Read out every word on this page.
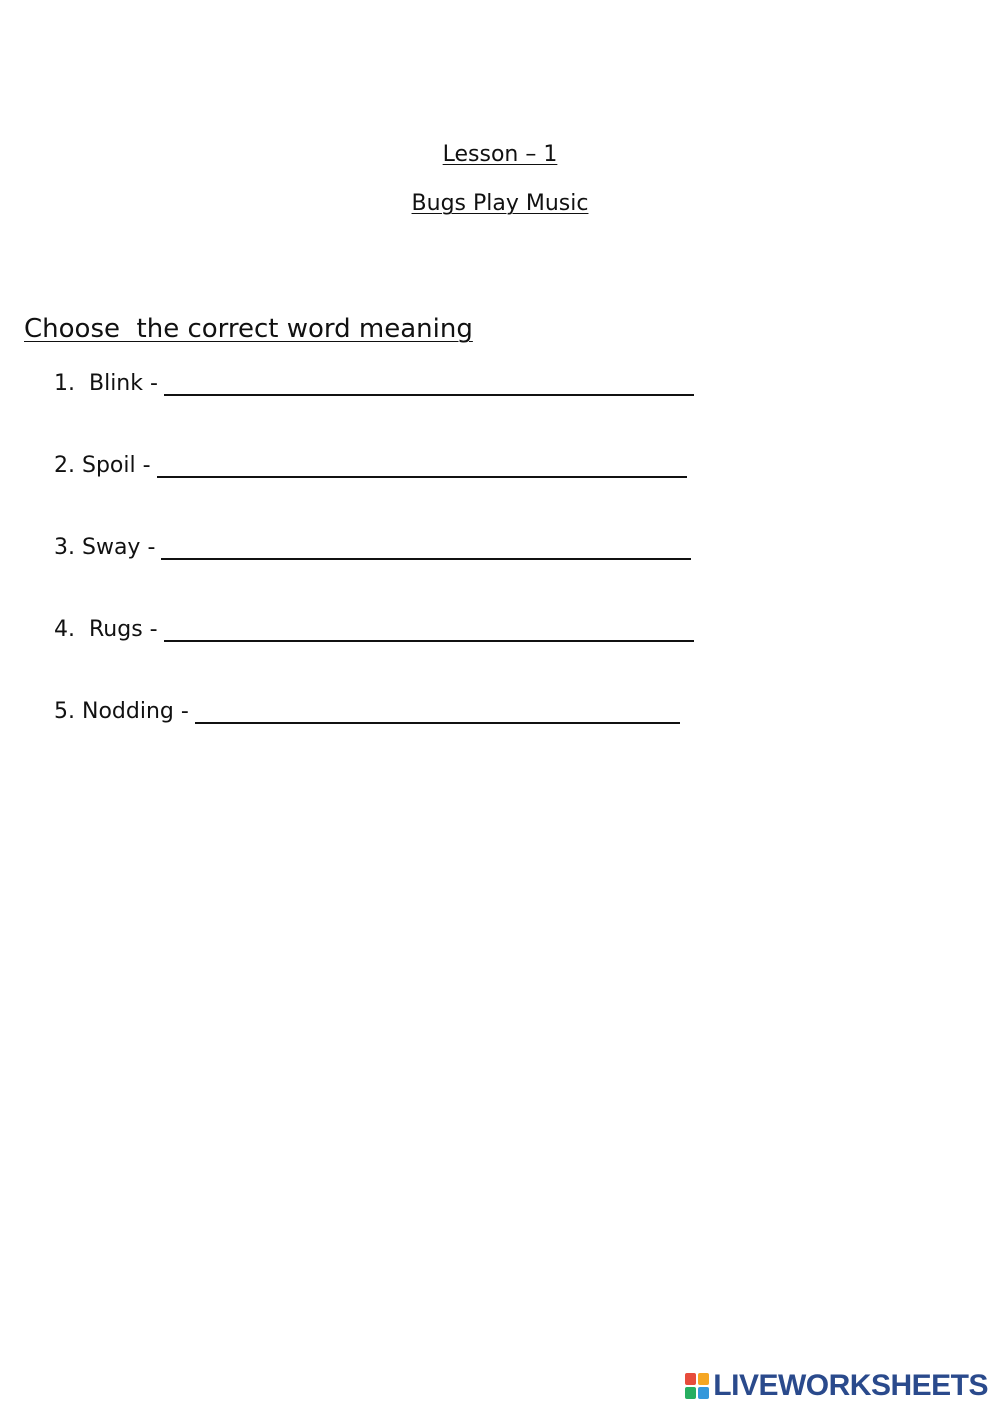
Lesson – 1
Bugs Play Music
Choose  the correct word meaning
1. Blink -
2. Spoil -
3. Sway -
4. Rugs -
5. Nodding -
LIVEWORKSHEETS
